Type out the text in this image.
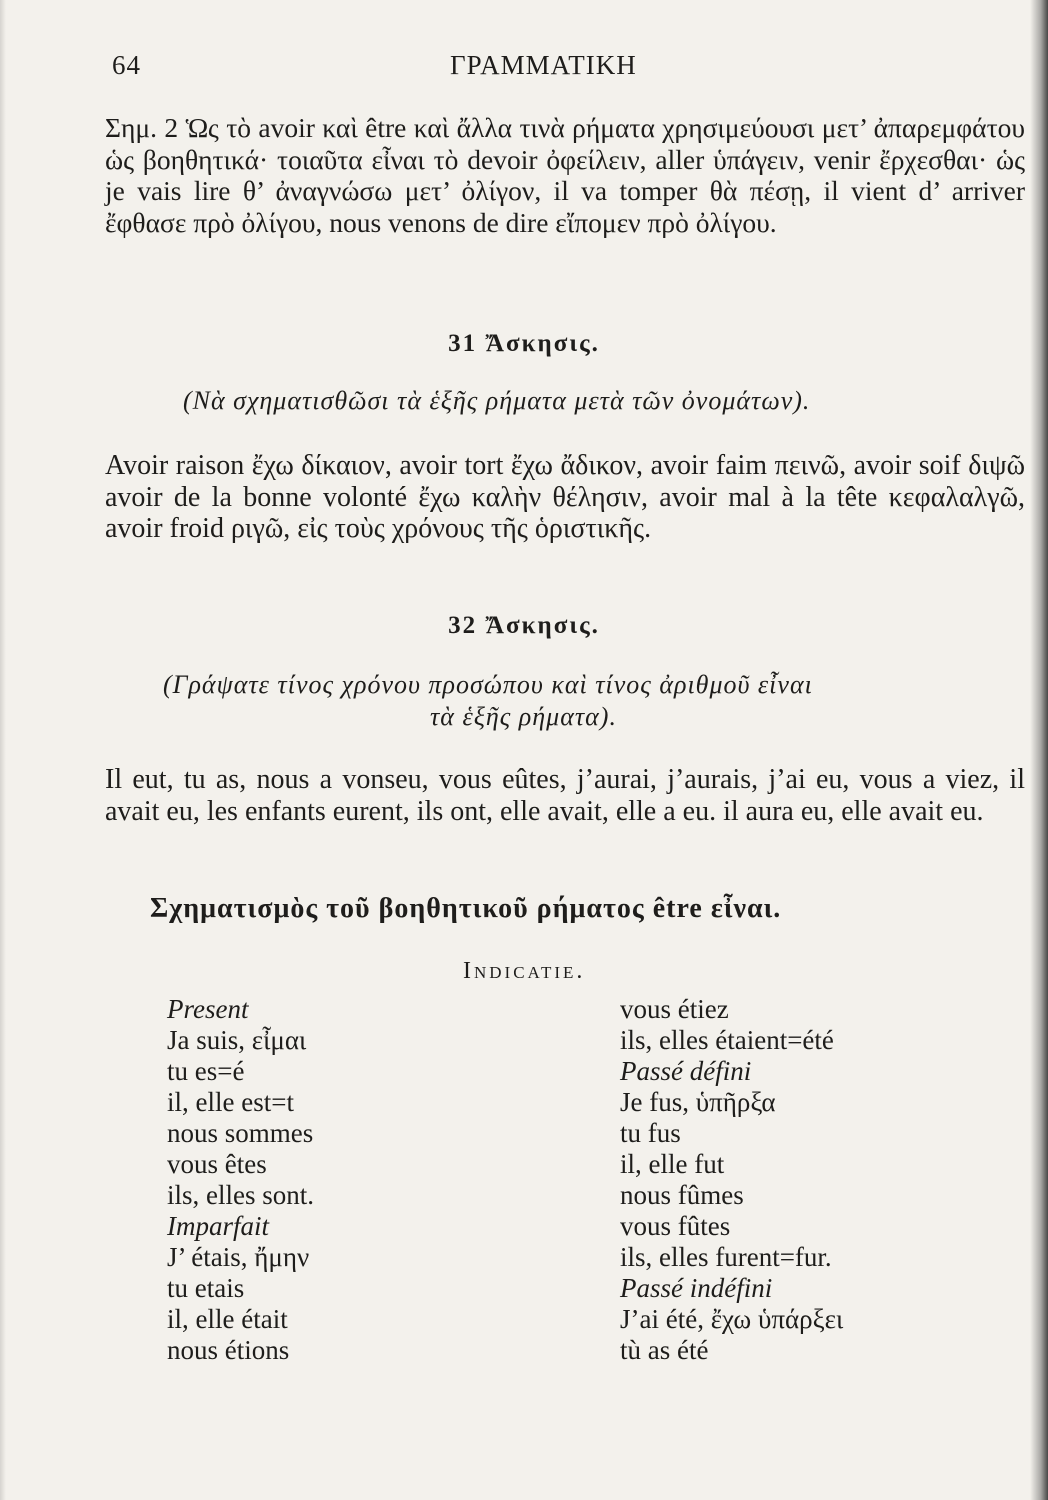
64	ΓΡΑΜΜΑΤΙΚΗ

Σημ. 2 Ὡς τὸ avoir καὶ être καὶ ἄλλα τινὰ ρήματα χρησιμεύουσι μετ’ ἀπαρεμφάτου ὡς βοηθητικά· τοιαῦτα εἶναι τὸ devoir ὀφείλειν, aller ὑπάγειν, venir ἔρχεσθαι· ὡς je vais lire θ’ ἀναγνώσω μετ’ ὀλίγον, il va tomper θὰ πέσῃ, il vient d’ arriver ἔφθασε πρὸ ὀλίγου, nous venons de dire εἴπομεν πρὸ ὀλίγου.

31 Ἄσκησις.
(Νὰ σχηματισθῶσι τὰ ἑξῆς ρήματα μετὰ τῶν ὀνομάτων).

Avoir raison ἔχω δίκαιον, avoir tort ἔχω ἄδικον, avoir faim πεινῶ, avoir soif διψῶ avoir de la bonne volonté ἔχω καλὴν θέλησιν, avoir mal à la tête κεφαλαλγῶ, avoir froid ριγῶ, εἰς τοὺς χρόνους τῆς ὁριστικῆς.

32 Ἄσκησις.
(Γράψατε τίνος χρόνου προσώπου καὶ τίνος ἀριθμοῦ εἶναι
τὰ ἑξῆς ρήματα).

Il eut, tu as, nous a vonseu, vous eûtes, j’aurai, j’aurais, j’ai eu, vous a viez, il avait eu, les enfants eurent, ils ont, elle avait, elle a eu. il aura eu, elle avait eu.

Σχηματισμὸς τοῦ βοηθητικοῦ ρήματος être εἶναι.
Indicatie.
Present
Ja suis, εἶμαι
tu es=é
il, elle est=t
nous sommes
vous êtes
ils, elles sont.
Imparfait
J’ étais, ἤμην
tu etais
il, elle était
nous étions
vous étiez
ils, elles étaient=été
Passé défini
Je fus, ὑπῆρξα
tu fus
il, elle fut
nous fûmes
vous fûtes
ils, elles furent=fur.
Passé indéfini
J’ai été, ἔχω ὑπάρξει
tù as été
